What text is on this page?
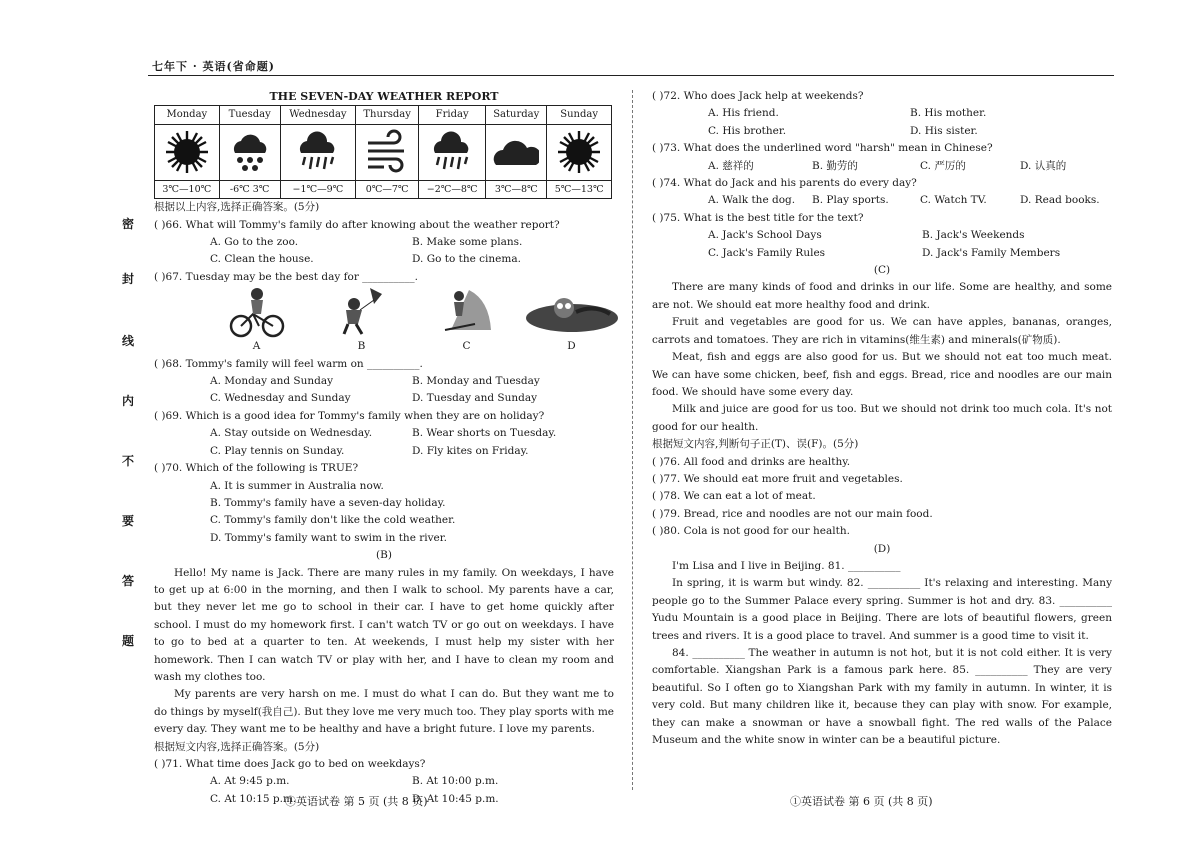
七年下 · 英语(省命题)
密
封
线
内
不
要
答
题

THE SEVEN-DAY WEATHER REPORT

Monday	Tuesday	Wednesday	Thursday	Friday	Saturday	Sunday

3℃—10℃	-6℃ 3℃	−1℃—9℃	0℃—7℃	−2℃—8℃	3℃—8℃	5℃—13℃

根据以上内容,选择正确答案。(5分)

( )66. What will Tommy's family do after knowing about the weather report?

A. Go to the zoo.	B. Make some plans.
C. Clean the house.	D. Go to the cinema.

( )67. Tuesday may be the best day for __________.

A	B	C	D

( )68. Tommy's family will feel warm on __________.

A. Monday and Sunday	B. Monday and Tuesday
C. Wednesday and Sunday	D. Tuesday and Sunday

( )69. Which is a good idea for Tommy's family when they are on holiday?

A. Stay outside on Wednesday.	B. Wear shorts on Tuesday.
C. Play tennis on Sunday.	D. Fly kites on Friday.

( )70. Which of the following is TRUE?

A. It is summer in Australia now.

B. Tommy's family have a seven-day holiday.

C. Tommy's family don't like the cold weather.

D. Tommy's family want to swim in the river.

(B)

Hello! My name is Jack. There are many rules in my family. On weekdays, I have to get up at 6:00 in the morning, and then I walk to school. My parents have a car, but they never let me go to school in their car. I have to get home quickly after school. I must do my homework first. I can't watch TV or go out on weekdays. I have to go to bed at a quarter to ten. At weekends, I must help my sister with her homework. Then I can watch TV or play with her, and I have to clean my room and wash my clothes too.

My parents are very harsh on me. I must do what I can do. But they want me to do things by myself(我自己). But they love me very much too. They play sports with me every day. They want me to be healthy and have a bright future. I love my parents.

根据短文内容,选择正确答案。(5分)

( )71. What time does Jack go to bed on weekdays?

A. At 9:45 p.m.	B. At 10:00 p.m.
C. At 10:15 p.m.	D. At 10:45 p.m.
①英语试卷 第 5 页 (共 8 页)

( )72. Who does Jack help at weekends?

A. His friend.	B. His mother.
C. His brother.	D. His sister.

( )73. What does the underlined word "harsh" mean in Chinese?

A. 慈祥的	B. 勤劳的	C. 严厉的	D. 认真的

( )74. What do Jack and his parents do every day?

A. Walk the dog.	B. Play sports.	C. Watch TV.	D. Read books.

( )75. What is the best title for the text?

A. Jack's School Days	B. Jack's Weekends
C. Jack's Family Rules	D. Jack's Family Members

(C)

There are many kinds of food and drinks in our life. Some are healthy, and some are not. We should eat more healthy food and drink.

Fruit and vegetables are good for us. We can have apples, bananas, oranges, carrots and tomatoes. They are rich in vitamins(维生素) and minerals(矿物质).

Meat, fish and eggs are also good for us. But we should not eat too much meat. We can have some chicken, beef, fish and eggs. Bread, rice and noodles are our main food. We should have some every day.

Milk and juice are good for us too. But we should not drink too much cola. It's not good for our health.

根据短文内容,判断句子正(T)、误(F)。(5分)

( )76. All food and drinks are healthy.

( )77. We should eat more fruit and vegetables.

( )78. We can eat a lot of meat.

( )79. Bread, rice and noodles are not our main food.

( )80. Cola is not good for our health.

(D)

I'm Lisa and I live in Beijing. 81. __________

In spring, it is warm but windy. 82. __________ It's relaxing and interesting. Many people go to the Summer Palace every spring. Summer is hot and dry. 83. __________ Yudu Mountain is a good place in Beijing. There are lots of beautiful flowers, green trees and rivers. It is a good place to travel. And summer is a good time to visit it.

84. __________ The weather in autumn is not hot, but it is not cold either. It is very comfortable. Xiangshan Park is a famous park here. 85. __________ They are very beautiful. So I often go to Xiangshan Park with my family in autumn. In winter, it is very cold. But many children like it, because they can play with snow. For example, they can make a snowman or have a snowball fight. The red walls of the Palace Museum and the white snow in winter can be a beautiful picture.

①英语试卷 第 6 页 (共 8 页)
